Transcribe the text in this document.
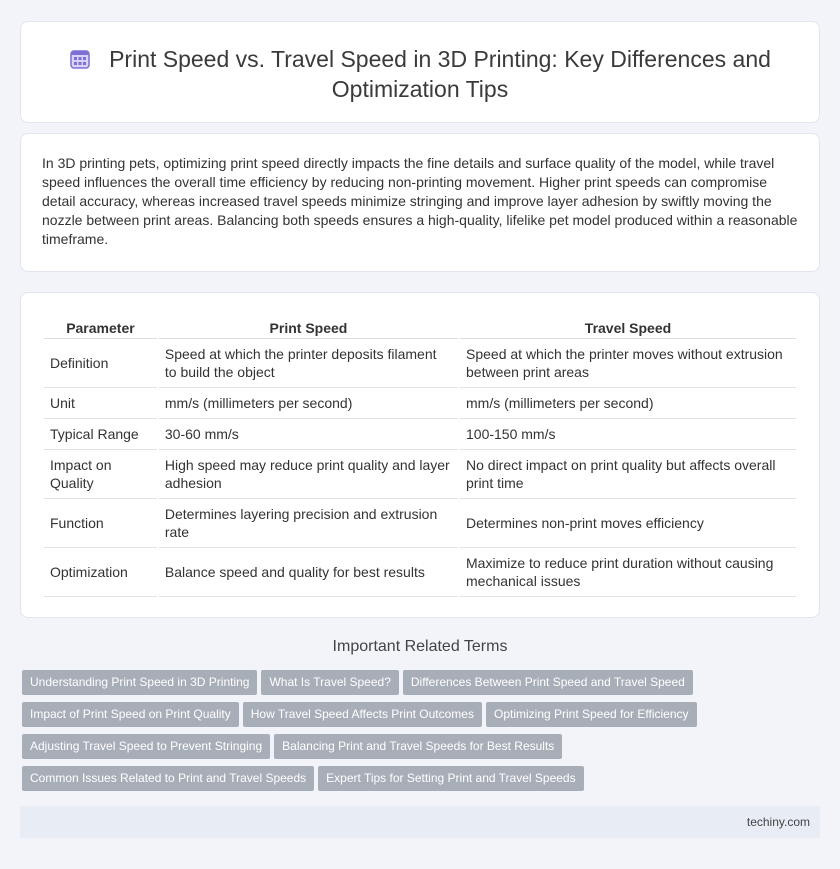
Print Speed vs. Travel Speed in 3D Printing: Key Differences and Optimization Tips

In 3D printing pets, optimizing print speed directly impacts the fine details and surface quality of the model, while travel speed influences the overall time efficiency by reducing non-printing movement. Higher print speeds can compromise detail accuracy, whereas increased travel speeds minimize stringing and improve layer adhesion by swiftly moving the nozzle between print areas. Balancing both speeds ensures a high-quality, lifelike pet model produced within a reasonable timeframe.

Parameter	Print Speed	Travel Speed
Definition	Speed at which the printer deposits filament to build the object	Speed at which the printer moves without extrusion between print areas
Unit	mm/s (millimeters per second)	mm/s (millimeters per second)
Typical Range	30-60 mm/s	100-150 mm/s
Impact on Quality	High speed may reduce print quality and layer adhesion	No direct impact on print quality but affects overall print time
Function	Determines layering precision and extrusion rate	Determines non-print moves efficiency
Optimization	Balance speed and quality for best results	Maximize to reduce print duration without causing mechanical issues
Important Related Terms
Understanding Print Speed in 3D Printing What Is Travel Speed? Differences Between Print Speed and Travel Speed
Impact of Print Speed on Print Quality How Travel Speed Affects Print Outcomes Optimizing Print Speed for Efficiency
Adjusting Travel Speed to Prevent Stringing Balancing Print and Travel Speeds for Best Results
Common Issues Related to Print and Travel Speeds Expert Tips for Setting Print and Travel Speeds
techiny.com
